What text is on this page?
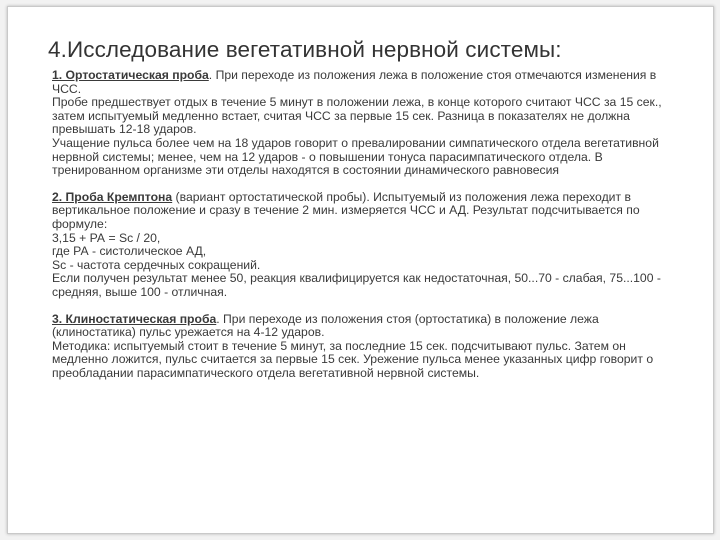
4.Исследование вегетативной нервной системы:

1. Ортостатическая проба. При переходе из положения лежа в положение стоя отмечаются изменения в ЧСС.

Пробе предшествует отдых в течение 5 минут в положении лежа, в конце которого считают ЧСС за 15 сек., затем испытуемый медленно встает, считая ЧСС за первые 15 сек. Разница в показателях не должна превышать 12-18 ударов.

Учащение пульса более чем на 18 ударов говорит о превалировании симпатического отдела вегетативной нервной системы; менее, чем на 12 ударов - о повышении тонуса парасимпатического отдела. В тренированном организме эти отделы находятся в состоянии динамического равновесия

2. Проба Кремптона (вариант ортостатической пробы). Испытуемый из положения лежа переходит в вертикальное положение и сразу в течение 2 мин. измеряется ЧСС и АД. Результат подсчитывается по формуле:

3,15 + РА = Sc / 20,

где РА - систолическое АД,

Sc - частота сердечных сокращений.

Если получен результат менее 50, реакция квалифицируется как недостаточная, 50...70 - слабая, 75...100 - средняя, выше 100 - отличная.

3. Клиностатическая проба. При переходе из положения стоя (ортостатика) в положение лежа (клиностатика) пульс урежается на 4-12 ударов.

Методика: испытуемый стоит в течение 5 минут, за последние 15 сек. подсчитывают пульс. Затем он медленно ложится, пульс считается за первые 15 сек. Урежение пульса менее указанных цифр говорит о преобладании парасимпатического отдела вегетативной нервной системы.
